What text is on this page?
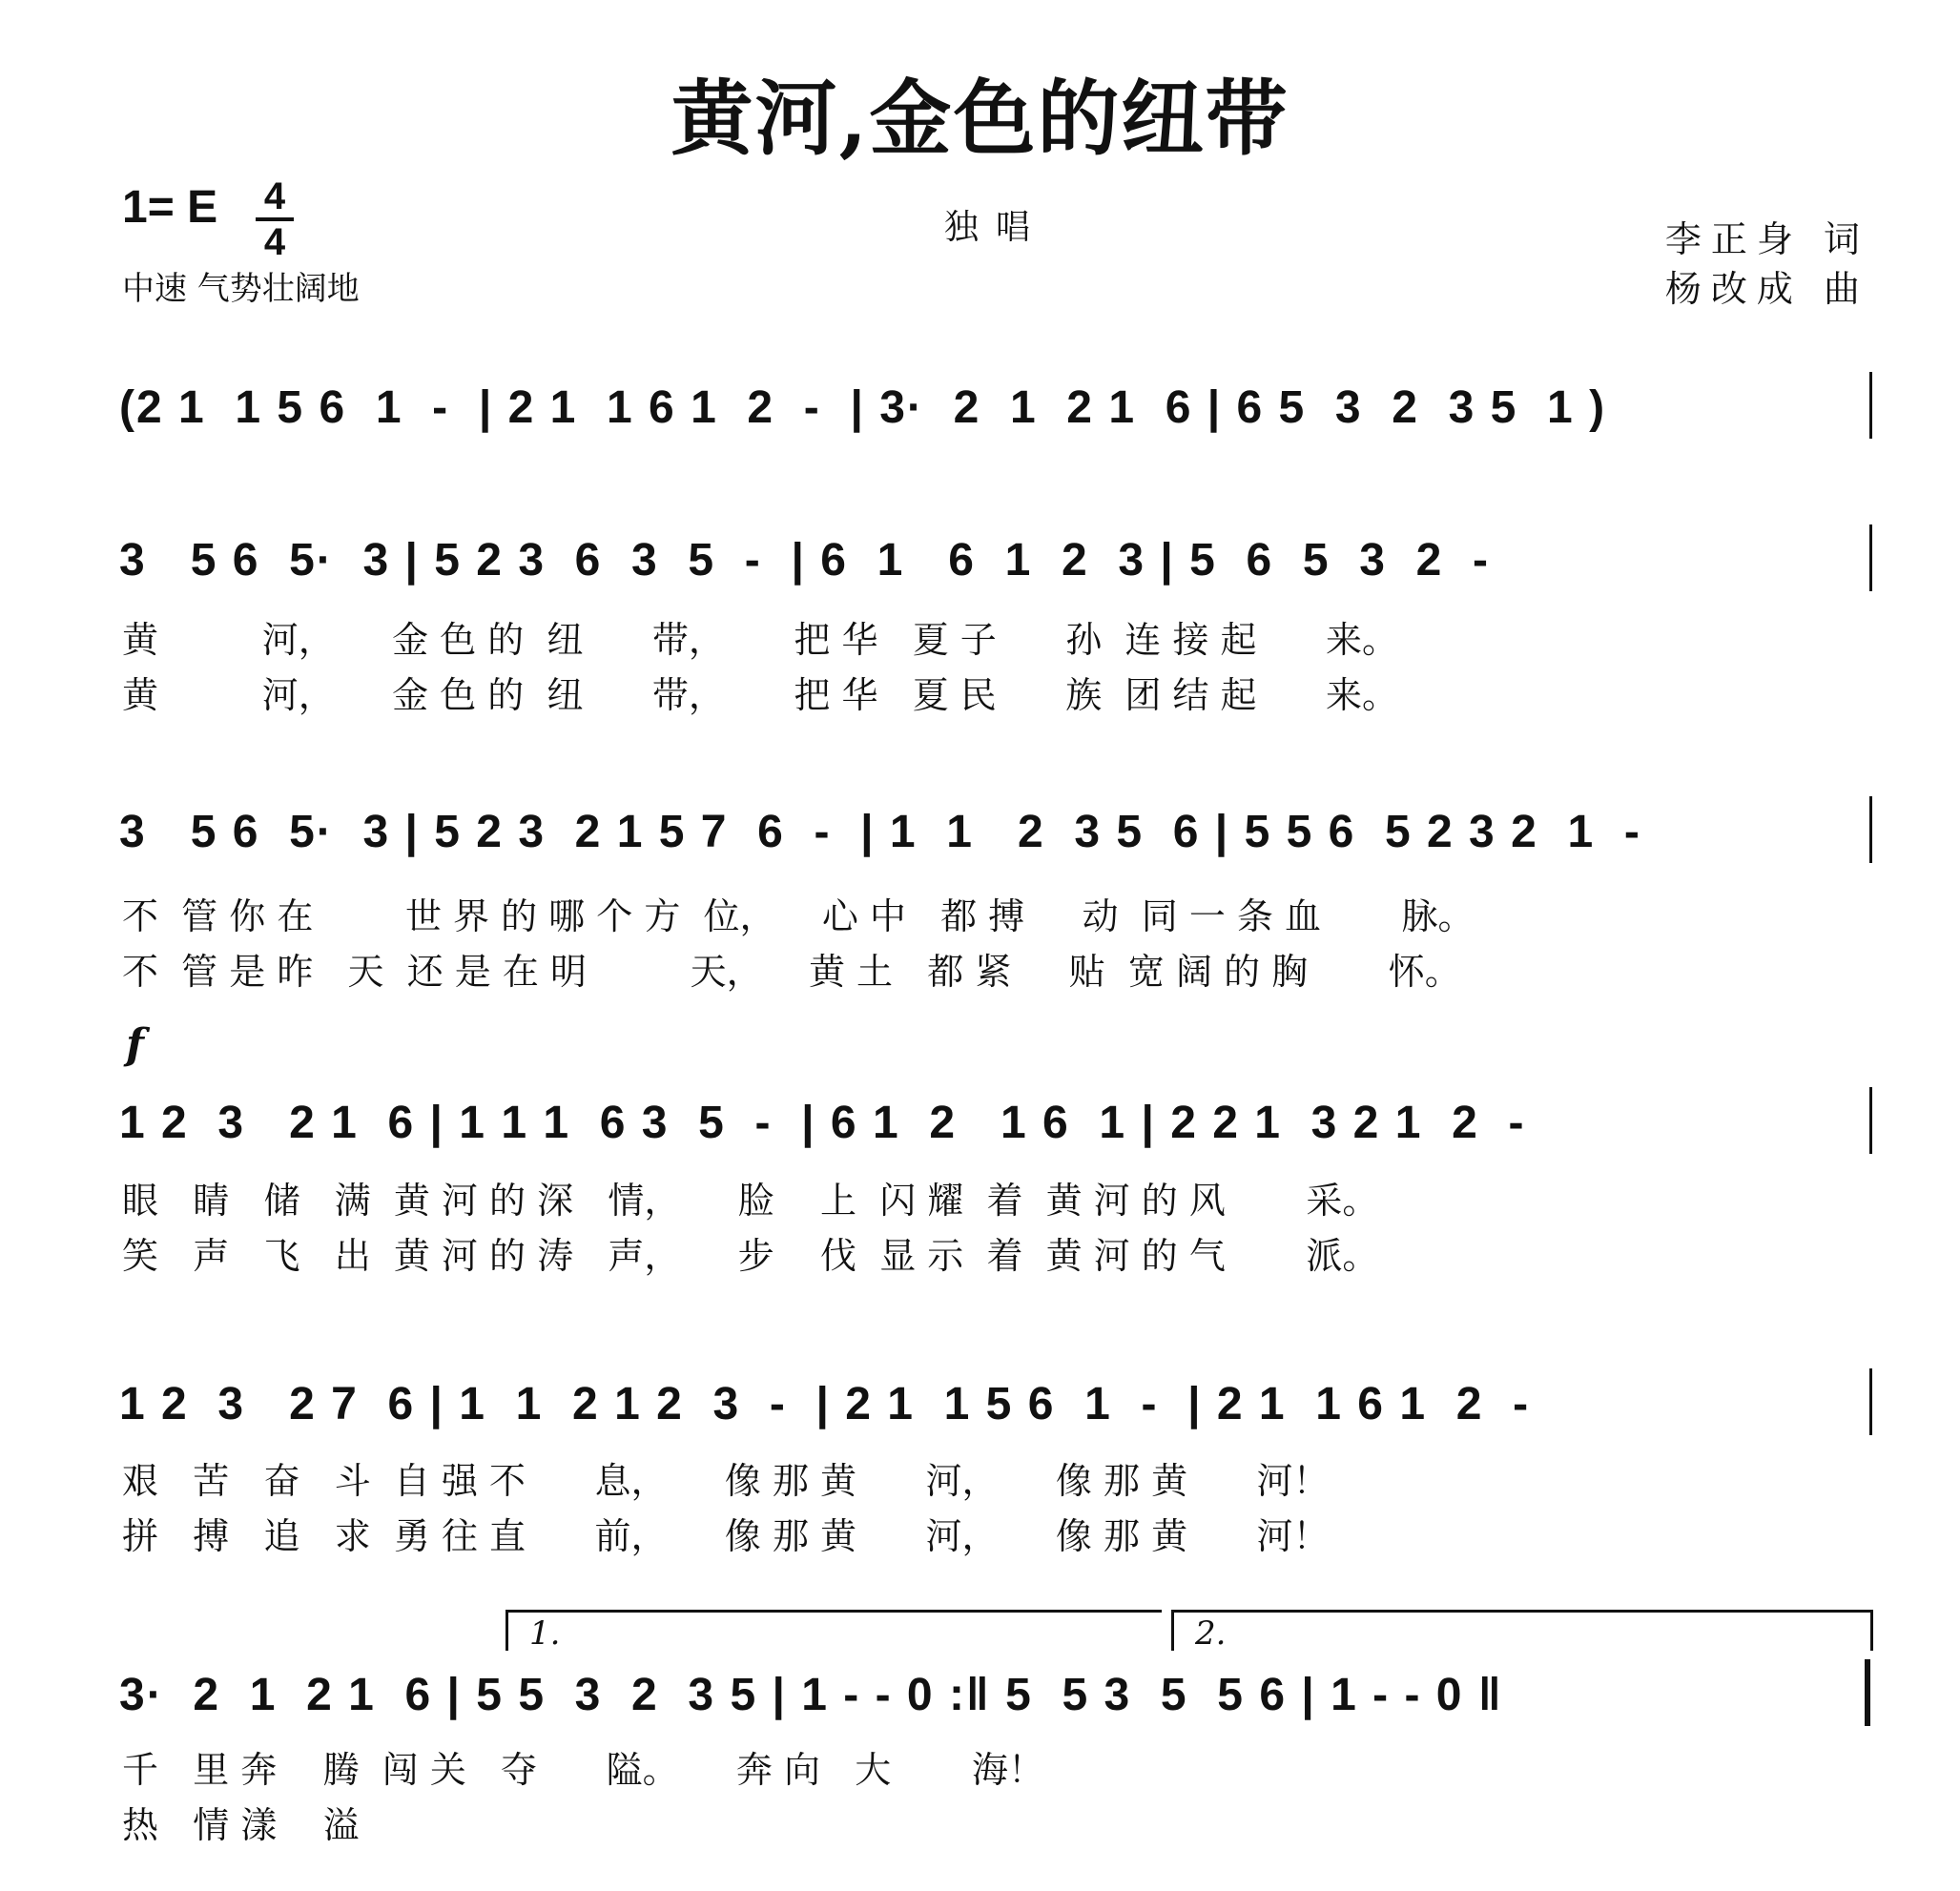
黄河,金色的纽带
1= E 4
4
中速 气势壮阔地
独唱	李正身 词
杨改成 曲
(2 1  1 5 6  1  -  | 2 1  1 6 1  2  -  | 3·  2  1  2 1  6 | 6 5  3  2  3 5  1 )
3   5 6  5·  3 | 5 2 3  6  3  5  -  | 6  1   6  1  2  3 | 5  6  5  3  2  -
黄         河，     金 色 的  纽      带，      把 华   夏 子      孙  连 接 起      来。
黄         河，     金 色 的  纽      带，      把 华   夏 民      族  团 结 起      来。
3   5 6  5·  3 | 5 2 3  2 1 5 7  6  -  | 1  1   2  3 5  6 | 5 5 6  5 2 3 2  1  -
不  管 你 在        世 界 的 哪 个 方  位，    心 中   都 搏     动  同 一 条 血       脉。
不  管 是 昨   天  还 是 在 明         天，    黄 土   都 紧     贴  宽 阔 的 胸       怀。
f
1 2  3   2 1  6 | 1 1 1  6 3  5  -  | 6 1  2   1 6  1 | 2 2 1  3 2 1  2  -
眼   睛   储   满  黄 河 的 深   情，     脸    上  闪 耀  着  黄 河 的 风       采。
笑   声   飞   出  黄 河 的 涛   声，     步    伐  显 示  着  黄 河 的 气       派。
1 2  3   2 7  6 | 1  1  2 1 2  3  -  | 2 1  1 5 6  1  -  | 2 1  1 6 1  2  -
艰   苦   奋   斗  自 强 不      息，     像 那 黄      河，     像 那 黄      河！
拼   搏   追   求  勇 往 直      前，     像 那 黄      河，     像 那 黄      河！
1.	2.
3·  2  1  2 1  6 | 5 5  3  2  3 5 | 1 - - 0 :‖ 5  5 3  5  5 6 | 1 - - 0 ‖
千   里 奔    腾  闯 关   夺      隘。     奔 向   大       海！
热   情 漾    溢
